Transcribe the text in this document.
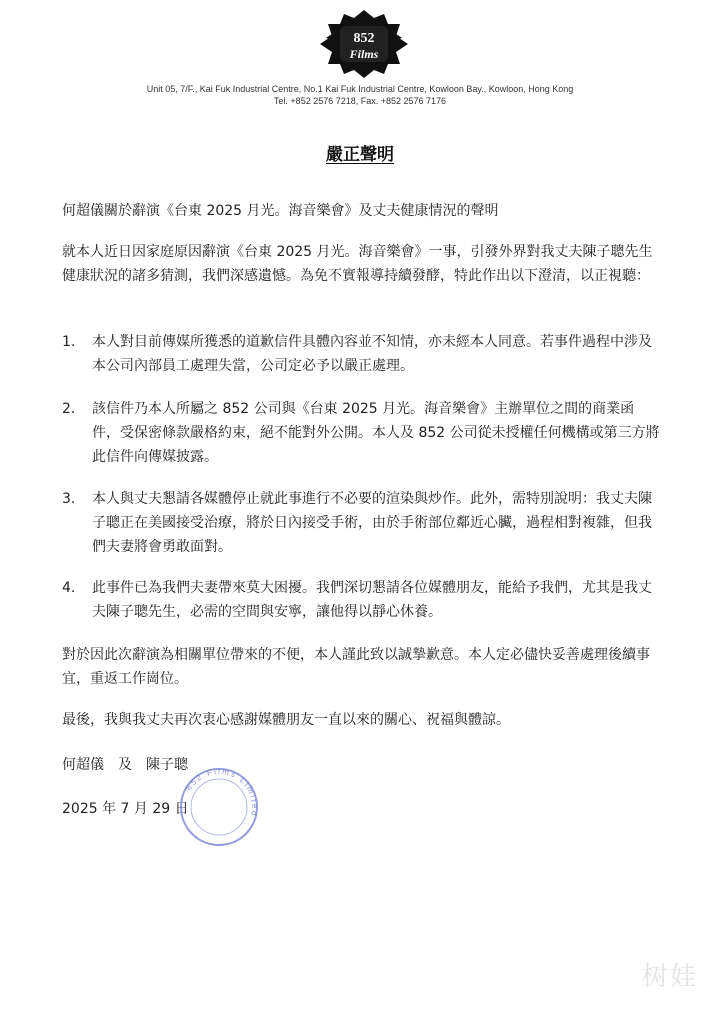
852
Films
Unit 05, 7/F., Kai Fuk Industrial Centre, No.1 Kai Fuk Industrial Centre, Kowloon Bay., Kowloon, Hong Kong
Tel. +852 2576 7218, Fax. +852 2576 7176
嚴正聲明

何超儀關於辭演《台東 2025 月光。海音樂會》及丈夫健康情況的聲明

就本人近日因家庭原因辭演《台東 2025 月光。海音樂會》一事，引發外界對我丈夫陳子聰先生健康狀況的諸多猜測，我們深感遺憾。為免不實報導持續發酵，特此作出以下澄清，以正視聽：

1.	本人對目前傳媒所獲悉的道歉信件具體內容並不知情，亦未經本人同意。若事件過程中涉及本公司內部員工處理失當，公司定必予以嚴正處理。
2.	該信件乃本人所屬之 852 公司與《台東 2025 月光。海音樂會》主辦單位之間的商業函件，受保密條款嚴格約束，絕不能對外公開。本人及 852 公司從未授權任何機構或第三方將此信件向傳媒披露。
3.	本人與丈夫懇請各媒體停止就此事進行不必要的渲染與炒作。此外，需特別說明：我丈夫陳子聰正在美國接受治療，將於日內接受手術，由於手術部位鄰近心臟，過程相對複雜，但我們夫妻將會勇敢面對。
4.	此事件已為我們夫妻帶來莫大困擾。我們深切懇請各位媒體朋友，能給予我們，尤其是我丈夫陳子聰先生，必需的空間與安寧，讓他得以靜心休養。

對於因此次辭演為相關單位帶來的不便，本人謹此致以誠摯歉意。本人定必儘快妥善處理後續事宜，重返工作崗位。

最後，我與我丈夫再次衷心感謝媒體朋友一直以來的關心、祝福與體諒。

何超儀　及　陳子聰

2025 年 7 月 29 日

852 Films Limited
树娃
